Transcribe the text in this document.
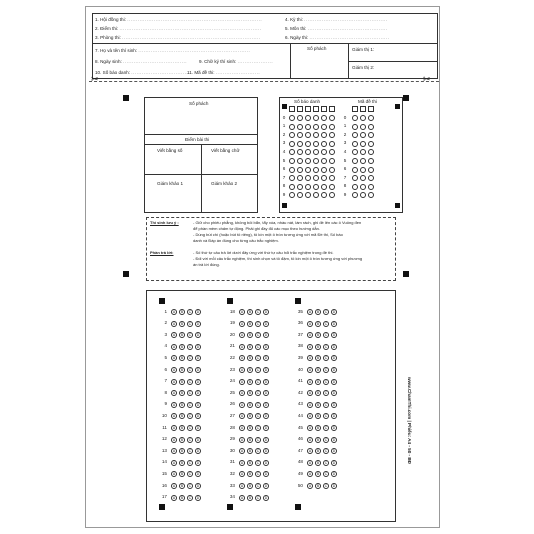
1. Hội đồng thi: ............................................................................
2. Điểm thi: ................................................................................
3. Phòng thi: ..............................................................................
4. Kỳ thi: ...............................................
5. Môn thi: .............................................
6. Ngày thi: .............................................
7. Họ và tên thí sinh: ...............................................................
8. Ngày sinh: ....................................	9. Chữ ký thí sinh: ....................
10. Số báo danh: .................................
11. Mã đề thi: .........................
Số phách	Giám thị 1:
Giám thị 2:
✂	✂
Số phách
Điểm bài thi
Viết bằng số	Viết bằng chữ
Giám khảo 1	Giám khảo 2
Số báo danh	Mã đề thi
0
1
2
3
4
5
6
7
8
9
0
1
2
3
4
5
6
7
8
9
Thí sinh lưu ý :	- Giữ cho phiếu phẳng, không bôi bẩn, tẩy xóa, nhàu nát, làm rách, ghi đè lên các ô Vuông đen
để phần mềm chấm tự động. Phải ghi đầy đủ các mục theo hướng dẫn.
- Dùng bút chì (hoặc bút tô riêng), tô kín một ô tròn tương ứng với mã Đề thi, Số báo
danh và Đáp án đúng cho từng câu trắc nghiệm.
Phần trả lời:	- Số thứ tự câu trả lời dưới đây ứng với thứ tự câu hỏi trắc nghiệm trong đề thi.
- Đối với mỗi câu trắc nghiệm, thí sinh chọn và tô đậm, tô kín một ô tròn tương ứng với phương
án trả lời đúng.
1	A	B	C	D
2	A	B	C	D
3	A	B	C	D
4	A	B	C	D
5	A	B	C	D
6	A	B	C	D
7	A	B	C	D
8	A	B	C	D
9	A	B	C	D
10	A	B	C	D
11	A	B	C	D
12	A	B	C	D
13	A	B	C	D
14	A	B	C	D
15	A	B	C	D
16	A	B	C	D
17	A	B	C	D
18	A	B	C	D
19	A	B	C	D
20	A	B	C	D
21	A	B	C	D
22	A	B	C	D
23	A	B	C	D
24	A	B	C	D
25	A	B	C	D
26	A	B	C	D
27	A	B	C	D
28	A	B	C	D
29	A	B	C	D
30	A	B	C	D
31	A	B	C	D
32	A	B	C	D
33	A	B	C	D
34	A	B	C	D
35	A	B	C	D
36	A	B	C	D
37	A	B	C	D
38	A	B	C	D
39	A	B	C	D
40	A	B	C	D
41	A	B	C	D
42	A	B	C	D
43	A	B	C	D
44	A	B	C	D
45	A	B	C	D
46	A	B	C	D
47	A	B	C	D
48	A	B	C	D
49	A	B	C	D
50	A	B	C	D
www.ChamThi.com | Phiếu: A4 - 50 - BĐ
